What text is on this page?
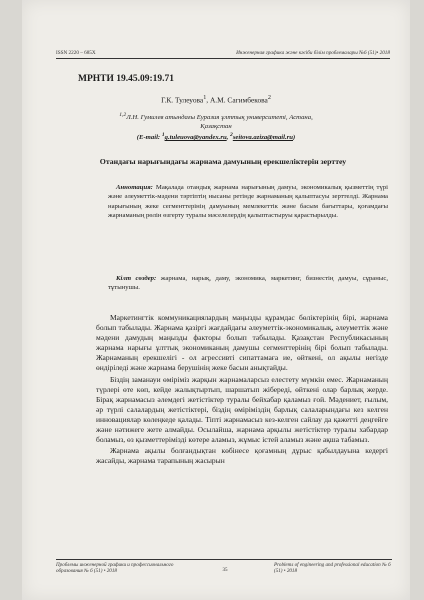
ISSN 2220 – 685X	Инженерная графика және кәсіби білім проблемалары №6 (51)• 2018
МРНТИ 19.45.09:19.71
Г.К. Тулеуова$^1$, А.М. Сагимбекова$^2$
$^{1,2}$Л.Н. Гумилев атындағы Еуразия ұлттық университеті, Астана,
Қазақстан
(E-mail: $^1$g.tuleuova@yandex.ru, $^2$seitova.aziza@mail.ru)
Отандағы нарығындағы жарнама дамуының ерекшеліктерін зерттеу
Аннотация: Мақалада отандық жарнама нарығының дамуы, экономикалық қызметтің түрі және әлеуметтік-мәдени тәртіптің нысаны ретінде жарнаманың қалыптасуы зерттелді. Жарнама нарығының жеке сегменттерінің дамуының мемлекеттік және басым бағыттары, қоғамдағы жарнаманың рөлін өзгерту туралы мәселелердің қалыптастыруы қарастырылды.
Кілт сөздер: жарнама, нарық, даму, экономика, маркетинг, бизнестің дамуы, сұраныс, тұтынушы.

Маркетингтік коммуникациялардың маңызды құрамдас бөліктерінің бірі, жарнама болып табылады. Жарнама қазіргі жағдайдағы әлеуметтік-экономикалық, әлеуметтік және мәдени дамудың маңызды факторы болып табылады. Қазақстан Республикасының жарнама нарығы ұлттық экономиканың дамушы сегменттерінің бірі болып табылады. Жарнаманың ерекшелігі - ол агрессивті сипаттамаға ие, өйткені, ол ақылы негізде өндіріледі және жарнама берушінің жеке басын анықтайды.

Біздің заманауи өміріміз жарқын жарнамаларсыз елестету мүмкін емес. Жарнаманың түрлері өте көп, кейде жалықтыртып, шаршатып жібереді, өйткені олар барлық жерде. Бірақ жарнамасыз әлемдегі жетістіктер туралы бейхабар қаламыз ғой. Мәдениет, ғылым, әр түрлі салалардың жетістіктері, біздің өміріміздің барлық салаларындағы кез келген инновациялар көлеңкеде қалады. Тіпті жарнамасыз кез-келген сайлау да қажетті деңгейге және нәтижеге жете алмайды. Осылайша, жарнама арқылы жетістіктер туралы хабардар боламыз, өз қызметтерімізді көтере аламыз, жұмыс істей аламыз және ақша табамыз.

Жарнама ақылы болғандықтан көбінесе қоғамның дұрыс қабылдауына кедергі жасайды, жарнама тарапының жасырын

Проблемы инженерной графики и профессионального образования № 6 (51) • 2018	35
Problems of engineering and professional education № 6 (51) • 2018
